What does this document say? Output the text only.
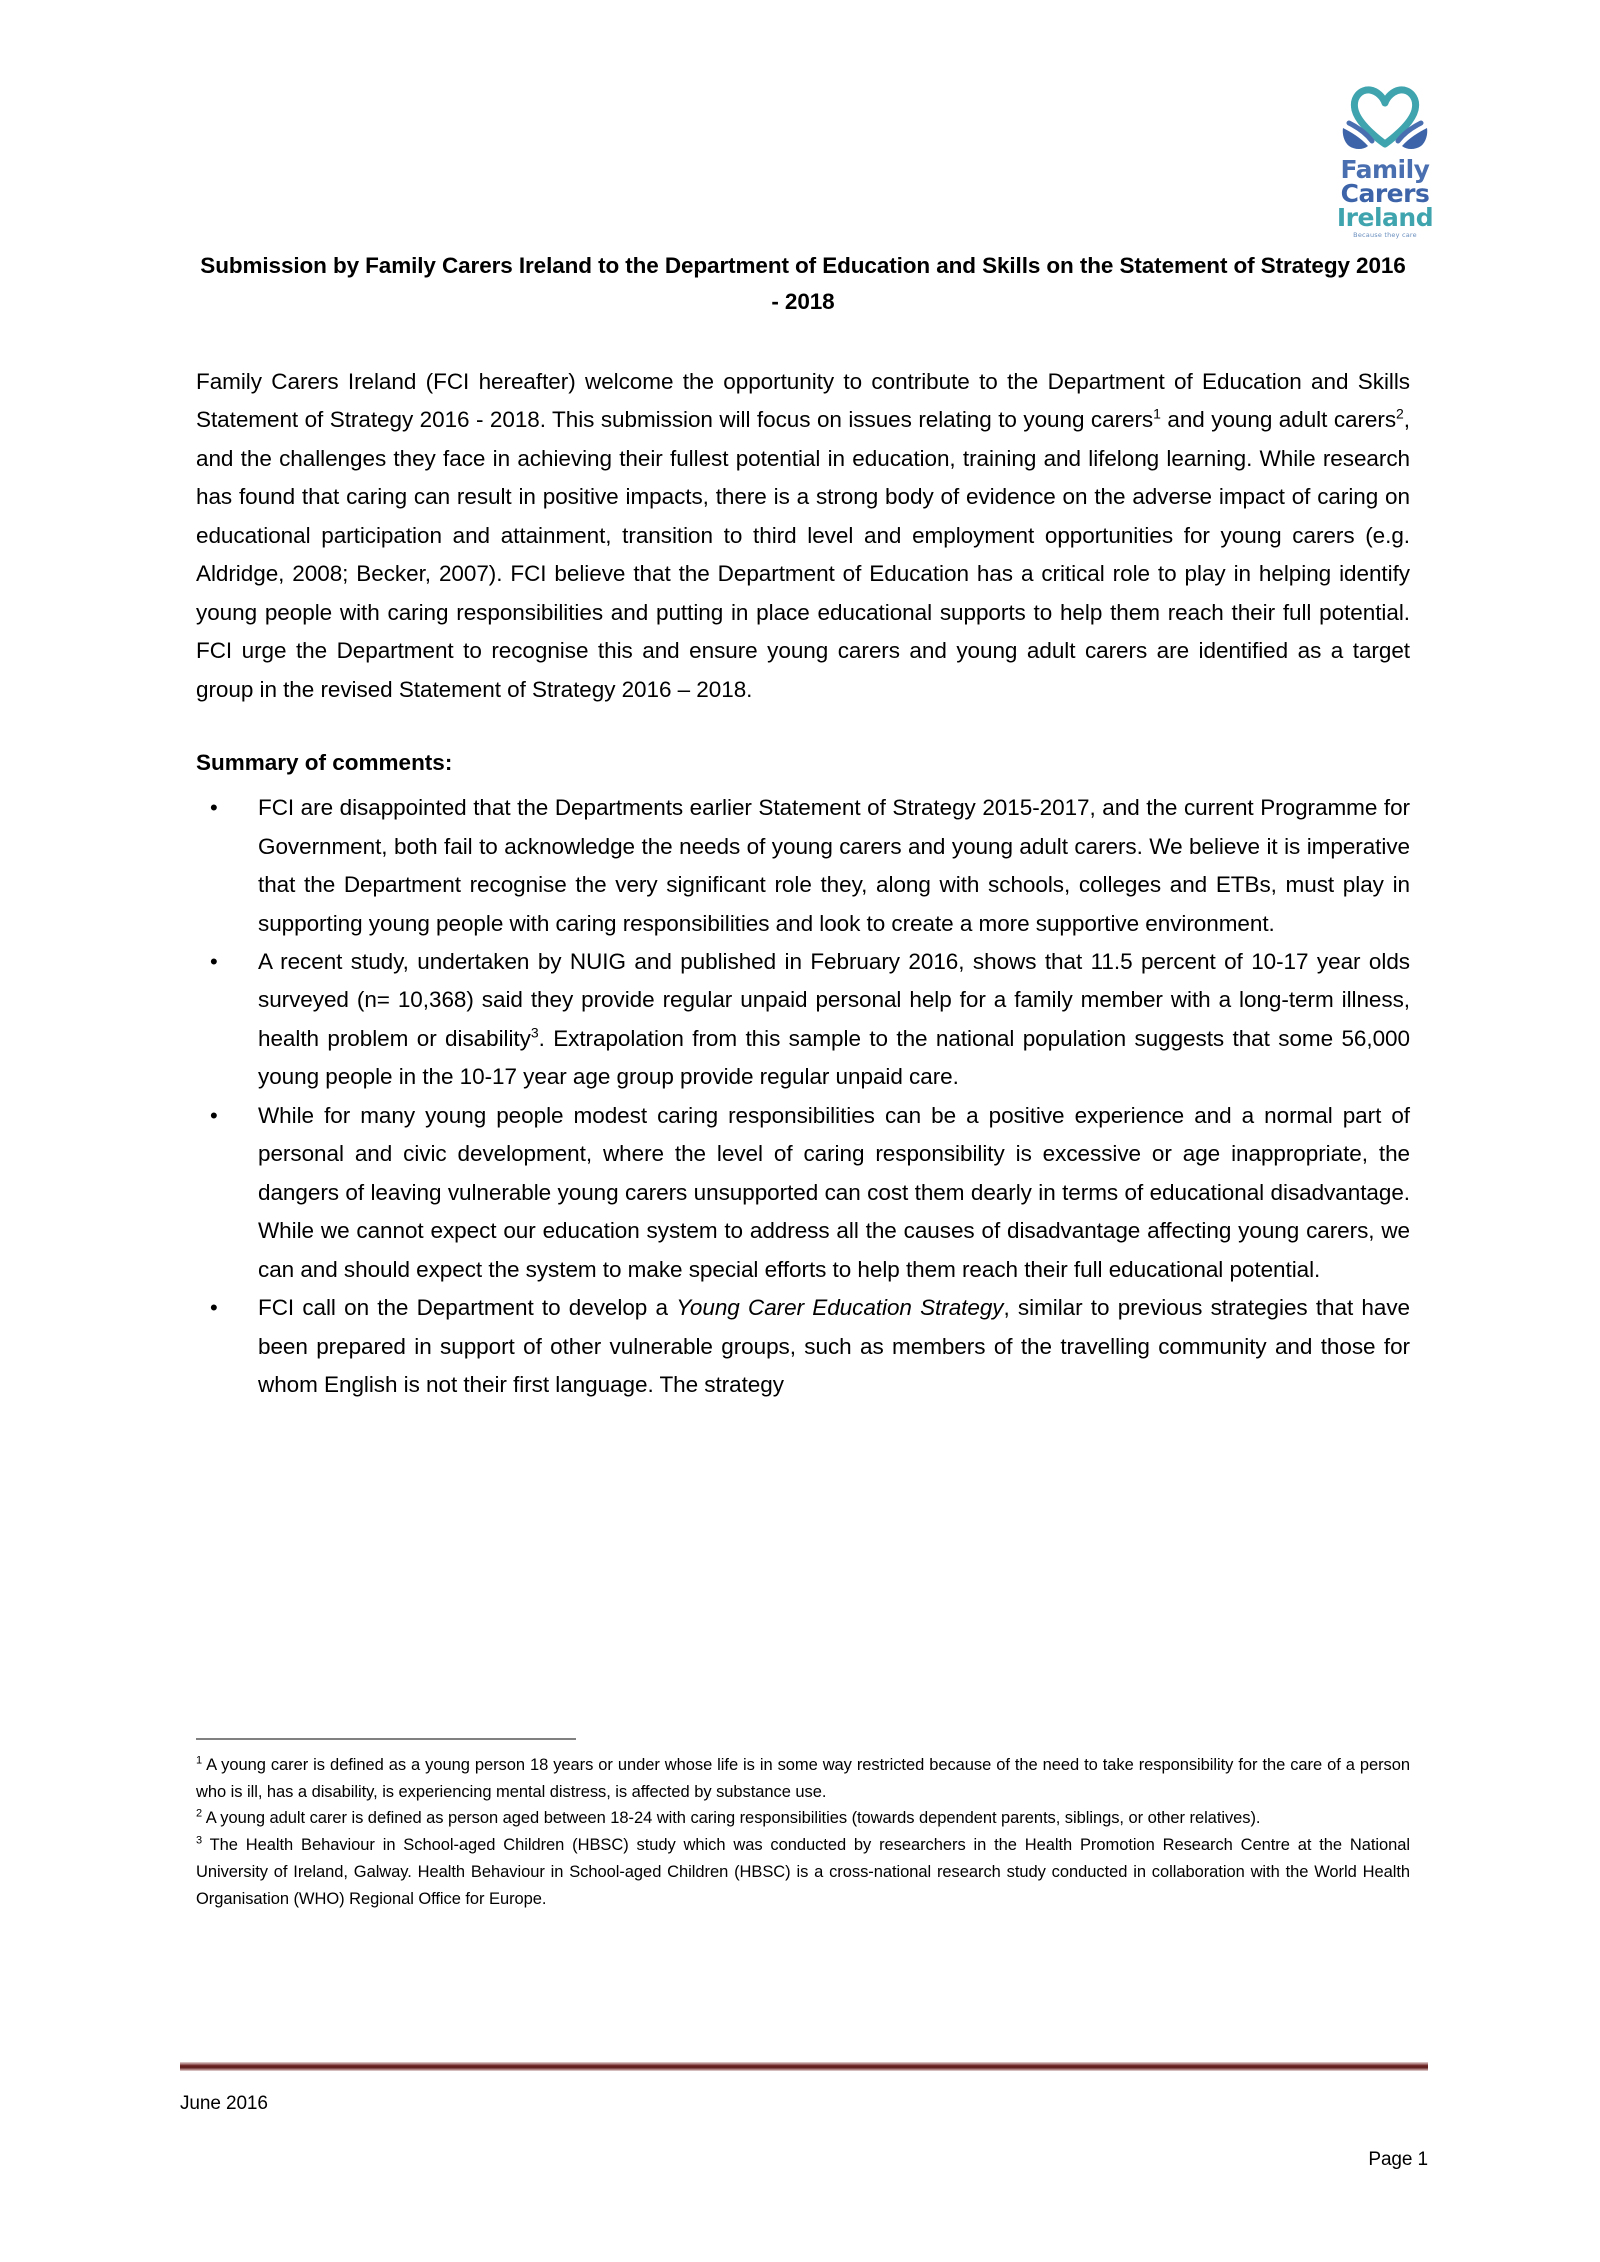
Family
Carers
Ireland
Because they care
Submission by Family Carers Ireland to the Department of Education and Skills on the Statement of Strategy 2016 - 2018

Family Carers Ireland (FCI hereafter) welcome the opportunity to contribute to the Department of Education and Skills Statement of Strategy 2016 - 2018. This submission will focus on issues relating to young carers$^1$ and young adult carers$^2$, and the challenges they face in achieving their fullest potential in education, training and lifelong learning. While research has found that caring can result in positive impacts, there is a strong body of evidence on the adverse impact of caring on educational participation and attainment, transition to third level and employment opportunities for young carers (e.g. Aldridge, 2008; Becker, 2007). FCI believe that the Department of Education has a critical role to play in helping identify young people with caring responsibilities and putting in place educational supports to help them reach their full potential. FCI urge the Department to recognise this and ensure young carers and young adult carers are identified as a target group in the revised Statement of Strategy 2016 – 2018.

Summary of comments:

• FCI are disappointed that the Departments earlier Statement of Strategy 2015-2017, and the current Programme for Government, both fail to acknowledge the needs of young carers and young adult carers. We believe it is imperative that the Department recognise the very significant role they, along with schools, colleges and ETBs, must play in supporting young people with caring responsibilities and look to create a more supportive environment.
• A recent study, undertaken by NUIG and published in February 2016, shows that 11.5 percent of 10-17 year olds surveyed (n= 10,368) said they provide regular unpaid personal help for a family member with a long-term illness, health problem or disability$^3$. Extrapolation from this sample to the national population suggests that some 56,000 young people in the 10-17 year age group provide regular unpaid care.
• While for many young people modest caring responsibilities can be a positive experience and a normal part of personal and civic development, where the level of caring responsibility is excessive or age inappropriate, the dangers of leaving vulnerable young carers unsupported can cost them dearly in terms of educational disadvantage. While we cannot expect our education system to address all the causes of disadvantage affecting young carers, we can and should expect the system to make special efforts to help them reach their full educational potential.
• FCI call on the Department to develop a Young Carer Education Strategy, similar to previous strategies that have been prepared in support of other vulnerable groups, such as members of the travelling community and those for whom English is not their first language. The strategy

$^1$ A young carer is defined as a young person 18 years or under whose life is in some way restricted because of the need to take responsibility for the care of a person who is ill, has a disability, is experiencing mental distress, is affected by substance use.

$^2$ A young adult carer is defined as person aged between 18-24 with caring responsibilities (towards dependent parents, siblings, or other relatives).

$^3$ The Health Behaviour in School-aged Children (HBSC) study which was conducted by researchers in the Health Promotion Research Centre at the National University of Ireland, Galway. Health Behaviour in School-aged Children (HBSC) is a cross-national research study conducted in collaboration with the World Health Organisation (WHO) Regional Office for Europe.

June 2016
Page 1
